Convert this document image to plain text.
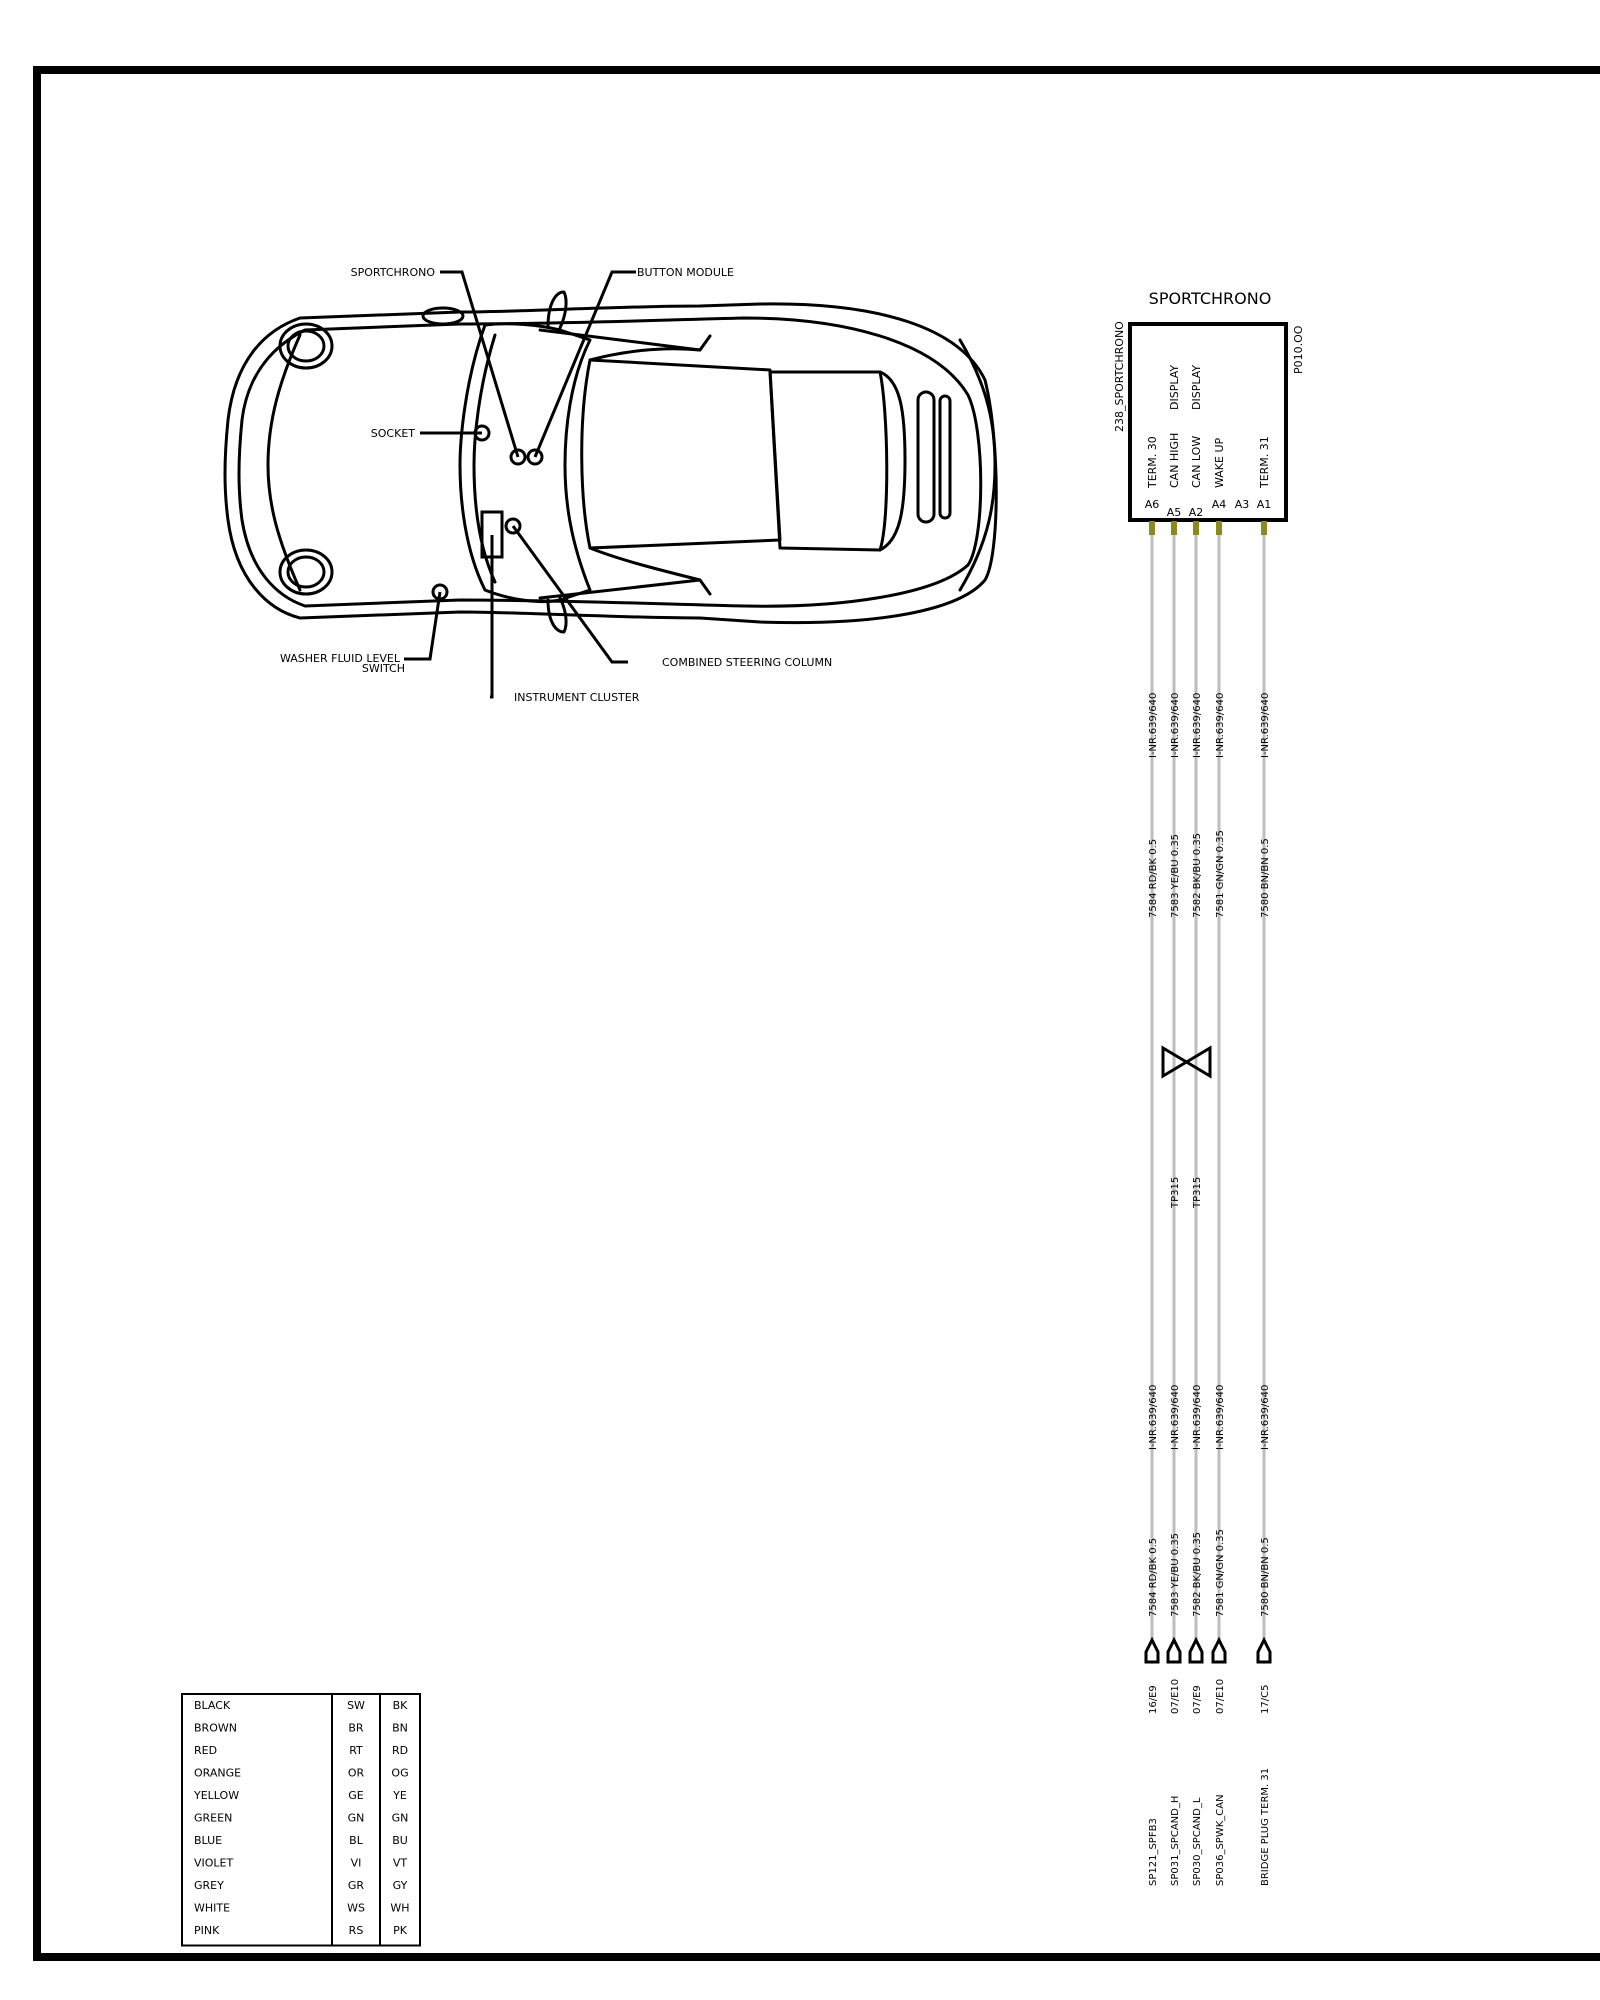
SPORTCHRONO	BUTTON MODULE
SOCKET
WASHER FLUID LEVEL
SWITCH
INSTRUMENT CLUSTER
COMBINED STEERING COLUMN
SPORTCHRONO
238_SPORTCHRONO	P010.OO
A6
TERM. 30
A5
CAN HIGH
DISPLAY
A2
CAN LOW
DISPLAY
A4
WAKE UP
A3 A1
TERM. 31
I-NR.639/640
7584 RD/BK 0.5
I-NR.639/640
7584 RD/BK 0.5
16/E9
SP121_SPFB3
I-NR.639/640
7583 YE/BU 0.35
TP315
I-NR.639/640
7583 YE/BU 0.35
07/E10
SP031_SPCAND_H
I-NR.639/640
7582 BK/BU 0.35
TP315
I-NR.639/640
7582 BK/BU 0.35
07/E9
SP030_SPCAND_L
I-NR.639/640
7581 GN/GN 0.35
I-NR.639/640
7581 GN/GN 0.35
07/E10
SP036_SPWK_CAN
I-NR.639/640
7580 BN/BN 0.5
I-NR.639/640
7580 BN/BN 0.5
17/C5
BRIDGE PLUG TERM. 31
BLACK	SW	BK
BROWN	BR	BN
RED	RT	RD
ORANGE	OR OG
YELLOW	GE	YE
GREEN	GN GN
BLUE	BL	BU
VIOLET	VI	VT
GREY	GR	GY
WHITE	WS WH
PINK	RS	PK
